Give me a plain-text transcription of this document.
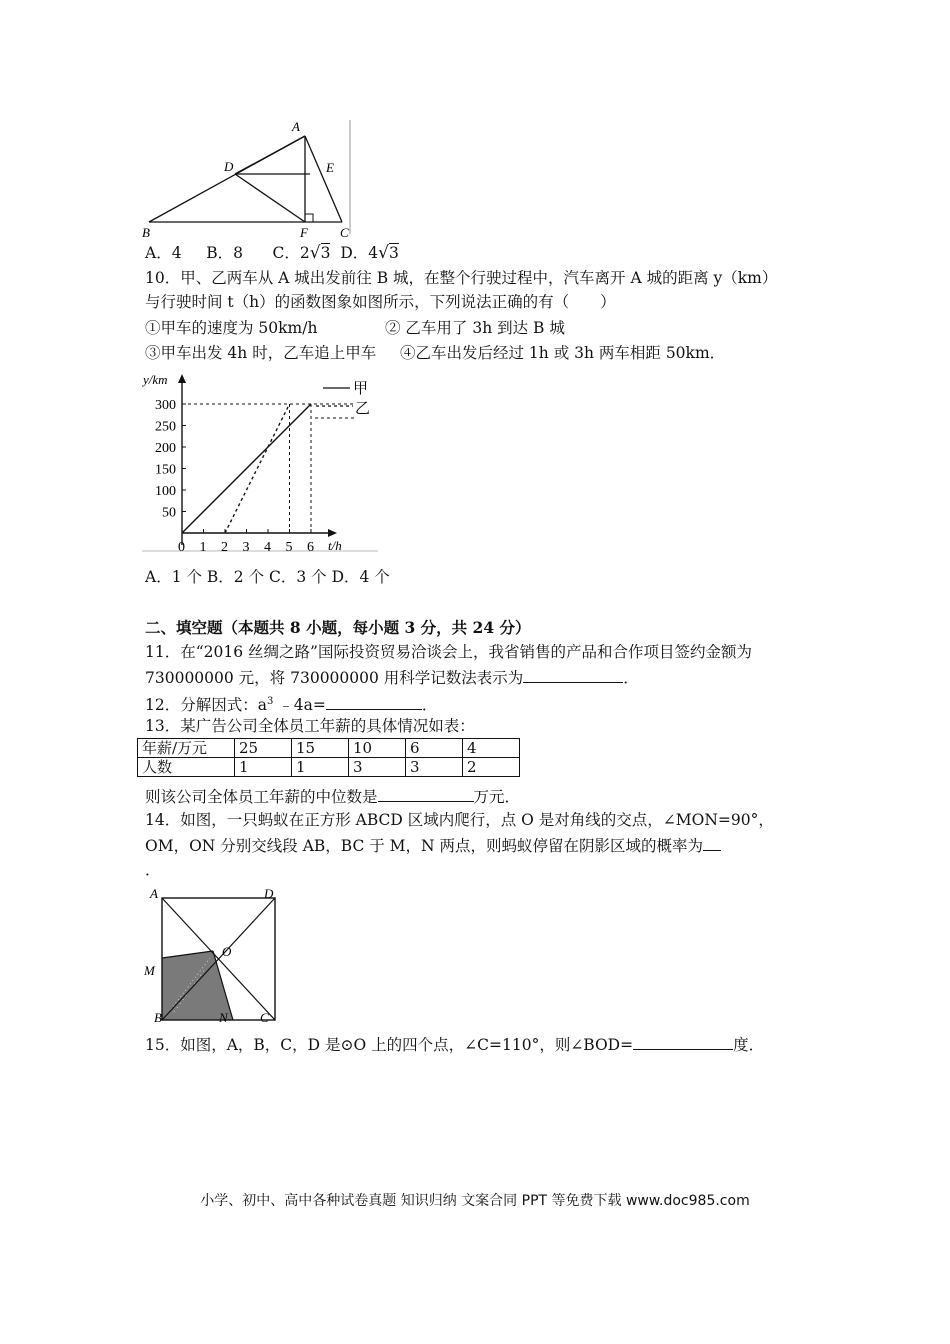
A
B	C
D	E
F
A．4 B．8 C．2√3 D．4√3
10．甲、乙两车从 A 城出发前往 B 城，在整个行驶过程中，汽车离开 A 城的距离 y（km）
与行驶时间 t（h）的函数图象如图所示，下列说法正确的有（　　）
①甲车的速度为 50km/h	② 乙车用了 3h 到达 B 城
③甲车出发 4h 时，乙车追上甲车 ④乙车出发后经过 1h 或 3h 两车相距 50km．
y/km
t/h
0 1 2 3 4 5 6
50
100
150
200
250
300
甲
乙
A．1 个 B．2 个 C．3 个 D．4 个
二、填空题（本题共 8 小题，每小题 3 分，共 24 分）
11．在“2016 丝绸之路”国际投资贸易洽谈会上，我省销售的产品和合作项目签约金额为
730000000 元，将 730000000 用科学记数法表示为	．
12．分解因式：$a^3$ ﹣4a=	．
13．某广告公司全体员工年薪的具体情况如表：
年薪/万元	25	15	10	6	4
人数	1	1	3	3	2
则该公司全体员工年薪的中位数是	万元．
14．如图，一只蚂蚁在正方形 ABCD 区域内爬行，点 O 是对角线的交点，∠MON=90°，
OM，ON 分别交线段 AB，BC 于 M，N 两点，则蚂蚁停留在阴影区域的概率为
．
A	D
O
M
B	N C
15．如图，A，B，C，D 是⊙O 上的四个点，∠C=110°，则∠BOD=	度．
小学、初中、高中各种试卷真题 知识归纳 文案合同 PPT 等免费下载 www.doc985.com
